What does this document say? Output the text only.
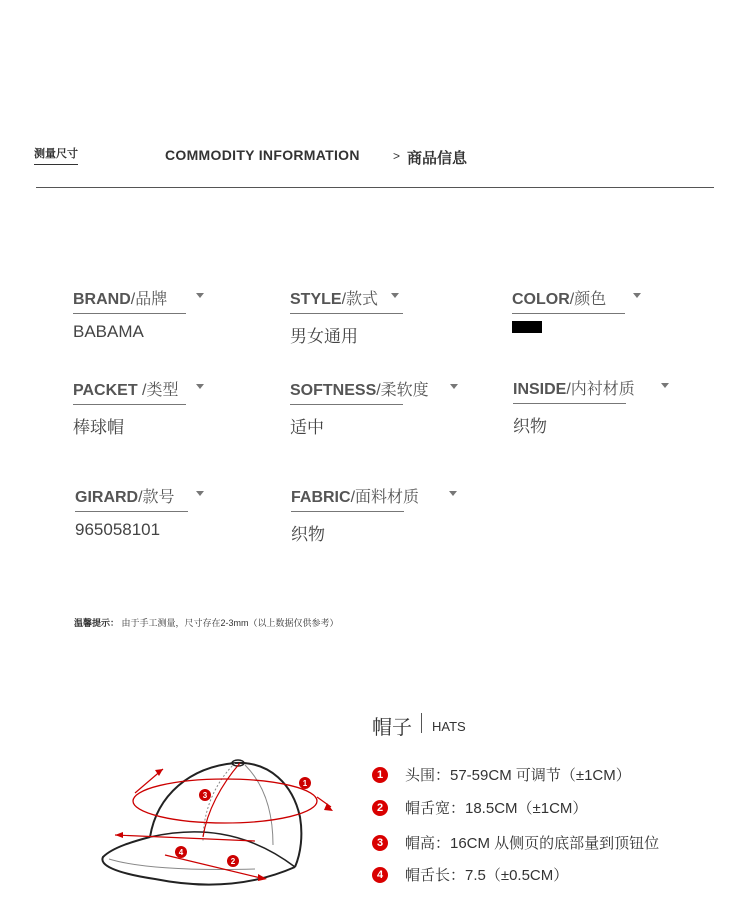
测量尺寸	COMMODITY INFORMATION	> 商品信息
BRAND/品牌
BABAMA
STYLE/款式
男女通用
COLOR/颜色
PACKET /类型
棒球帽
SOFTNESS/柔软度
适中
INSIDE/内衬材质
织物
GIRARD/款号
965058101
FABRIC/面料材质
织物
温馨提示： 由于手工测量，尺寸存在2-3mm（以上数据仅供参考）
帽子 HATS
1 头围：57-59CM 可调节（±1CM）
2 帽舌宽：18.5CM（±1CM）
3 帽高：16CM 从侧页的底部量到顶钮位
4 帽舌长：7.5（±0.5CM）
1
2
3
4
